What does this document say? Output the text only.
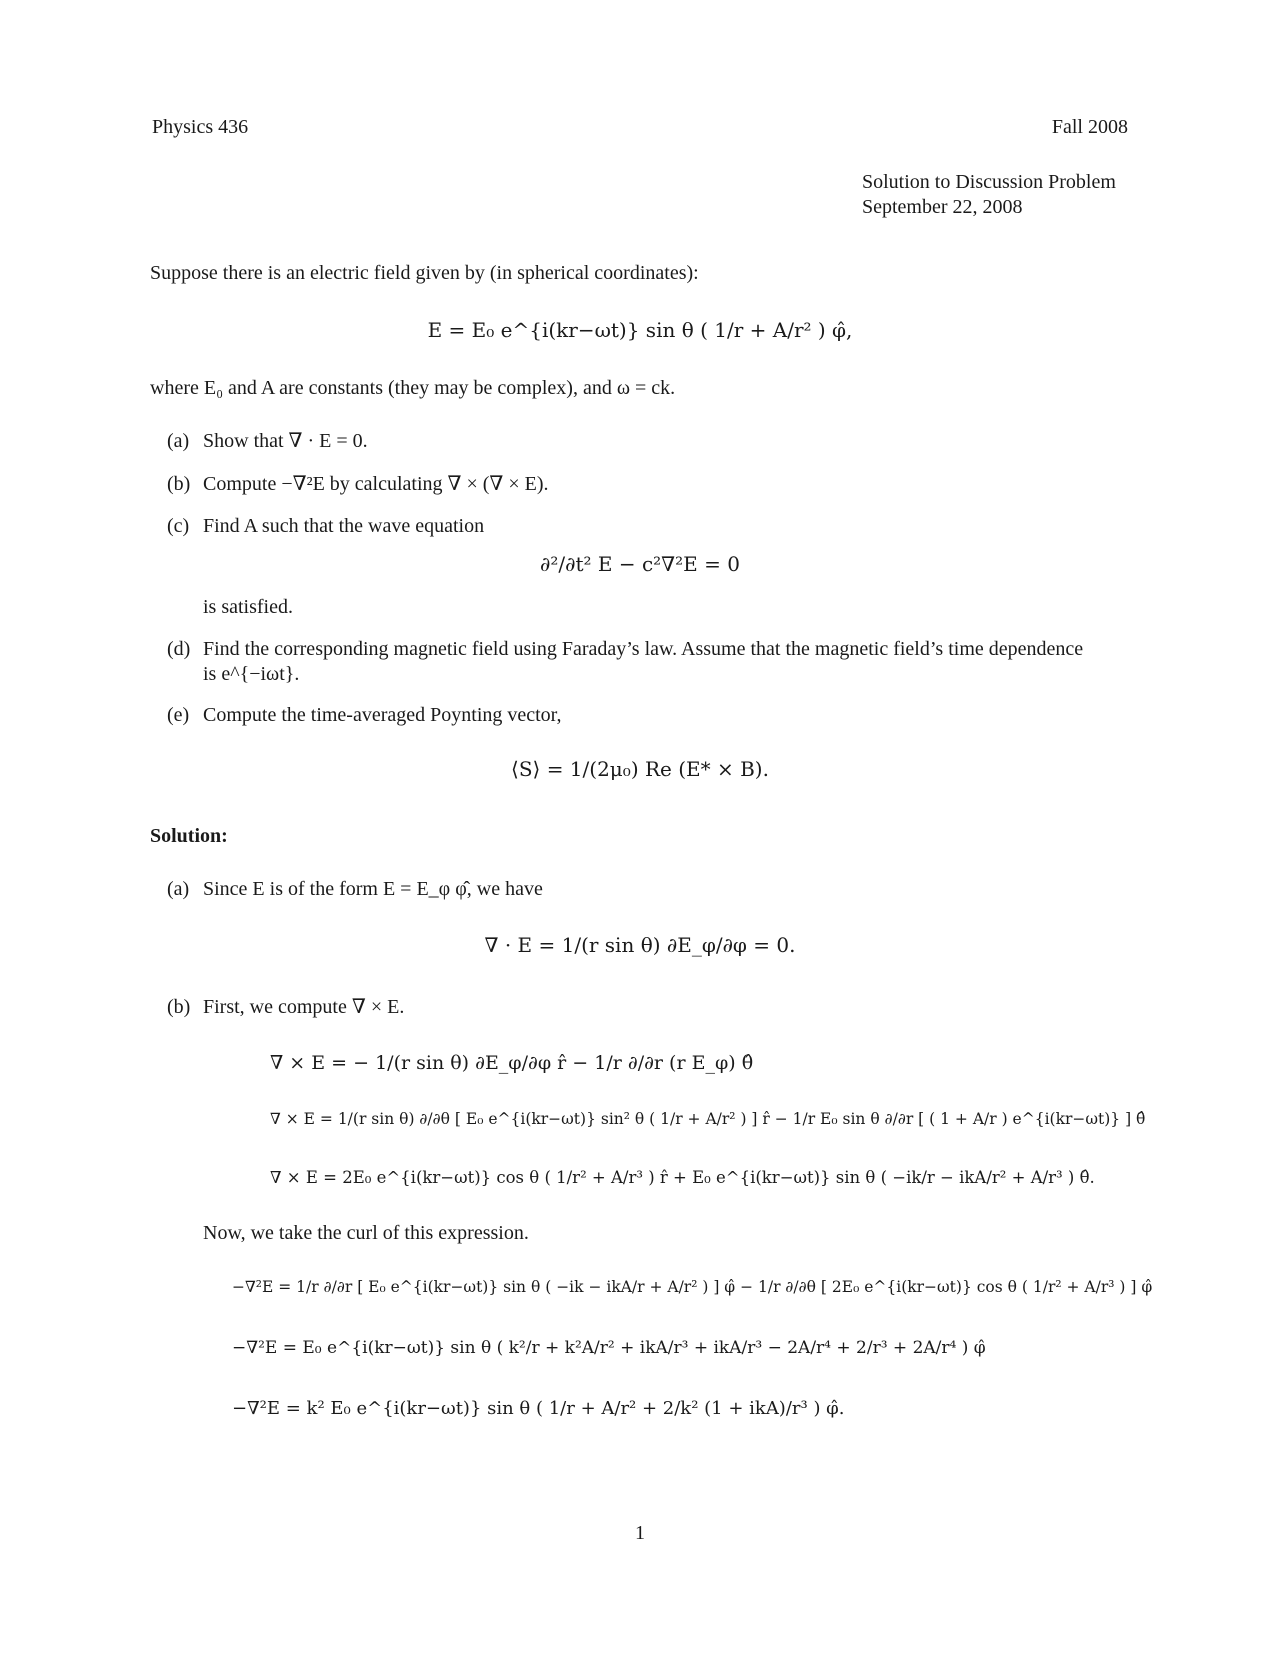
Physics 436	Fall 2008
Solution to Discussion Problem
September 22, 2008
Suppose there is an electric field given by (in spherical coordinates):
E = E₀ e^{i(kr−ωt)} sin θ ( 1/r + A/r² ) φ̂,
where E₀ and A are constants (they may be complex), and ω = ck.
(a) Show that ∇ · E = 0.
(b) Compute −∇²E by calculating ∇ × (∇ × E).
(c) Find A such that the wave equation
∂²/∂t² E − c²∇²E = 0
is satisfied.
(d) Find the corresponding magnetic field using Faraday’s law. Assume that the magnetic field’s time dependence
is e^{−iωt}.
(e) Compute the time-averaged Poynting vector,
⟨S⟩ = 1/(2μ₀) Re (E* × B).
Solution:
(a) Since E is of the form E = E_φ φ̂, we have
∇ · E = 1/(r sin θ) ∂E_φ/∂φ = 0.
(b) First, we compute ∇ × E.
∇ × E = − 1/(r sin θ) ∂E_φ/∂φ r̂ − 1/r ∂/∂r (r E_φ) θ̂
∇ × E = 1/(r sin θ) ∂/∂θ [ E₀ e^{i(kr−ωt)} sin² θ ( 1/r + A/r² ) ] r̂ − 1/r E₀ sin θ ∂/∂r [ ( 1 + A/r ) e^{i(kr−ωt)} ] θ̂
∇ × E = 2E₀ e^{i(kr−ωt)} cos θ ( 1/r² + A/r³ ) r̂ + E₀ e^{i(kr−ωt)} sin θ ( −ik/r − ikA/r² + A/r³ ) θ̂.
Now, we take the curl of this expression.
−∇²E = 1/r ∂/∂r [ E₀ e^{i(kr−ωt)} sin θ ( −ik − ikA/r + A/r² ) ] φ̂ − 1/r ∂/∂θ [ 2E₀ e^{i(kr−ωt)} cos θ ( 1/r² + A/r³ ) ] φ̂
−∇²E = E₀ e^{i(kr−ωt)} sin θ ( k²/r + k²A/r² + ikA/r³ + ikA/r³ − 2A/r⁴ + 2/r³ + 2A/r⁴ ) φ̂
−∇²E = k² E₀ e^{i(kr−ωt)} sin θ ( 1/r + A/r² + 2/k² (1 + ikA)/r³ ) φ̂.
1
